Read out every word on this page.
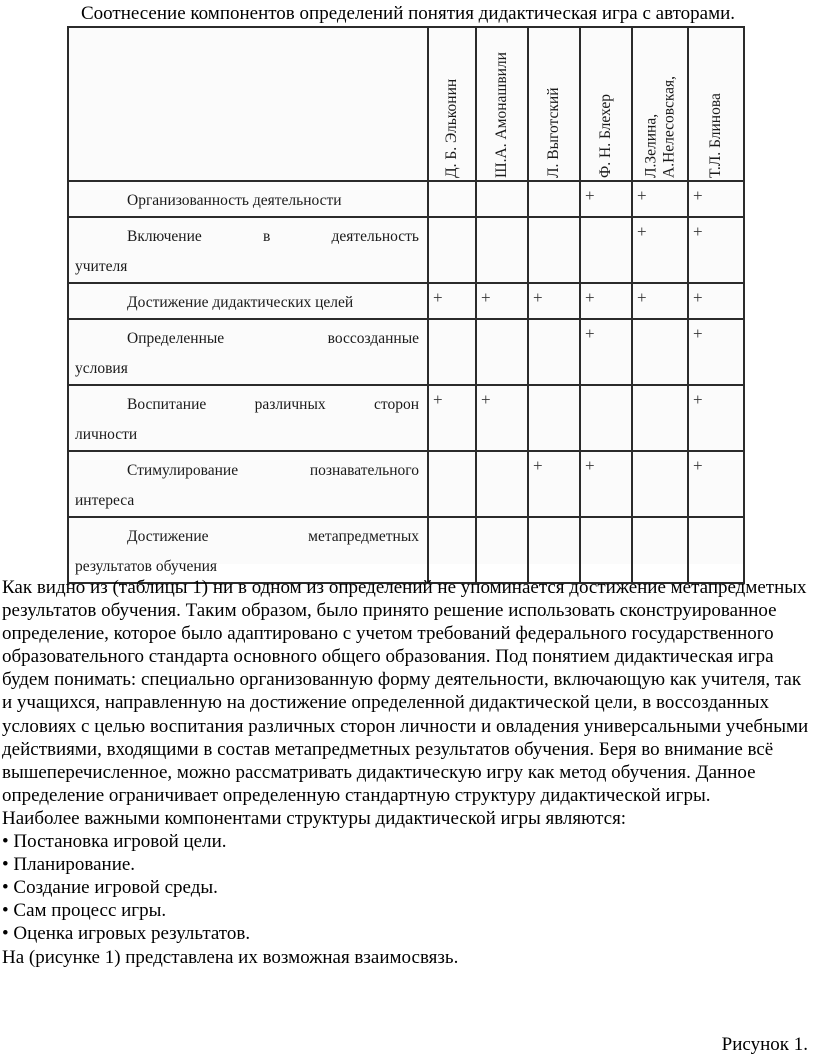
Соотнесение компонентов определений понятия дидактическая игра с авторами.

	Д. Б. Эльконин	Ш.А. Амонашвили	Л. Выготский	Ф. Н. Блехер	Л.Зелина, А.Нелесовская,	Т.Л. Блинова

Организованность деятельности				+	+	+

Включение в деятельность
учителя					+	+

Достижение дидактических целей	+	+	+	+	+	+

Определенные воссозданные
условия				+		+

Воспитание различных сторон
личности	+	+				+

Стимулирование познавательного
интереса			+	+		+

Достижение метапредметных
результатов обучения						

Как видно из (таблицы 1) ни в одном из определений не упоминается достижение метапредметных результатов обучения. Таким образом, было принято решение использовать сконструированное определение, которое было адаптировано с учетом требований федерального государственного образовательного стандарта основного общего образования. Под понятием дидактическая игра будем понимать: специально организованную форму деятельности, включающую как учителя, так и учащихся, направленную на достижение определенной дидактической цели, в воссозданных условиях с целью воспитания различных сторон личности и овладения универсальными учебными действиями, входящими в состав метапредметных результатов обучения. Беря во внимание всё вышеперечисленное, можно рассматривать дидактическую игру как метод обучения. Данное определение ограничивает определенную стандартную структуру дидактической игры.

Наиболее важными компонентами структуры дидактической игры являются:

• Постановка игровой цели.

• Планирование.

• Создание игровой среды.

• Сам процесс игры.

• Оценка игровых результатов.

На (рисунке 1) представлена их возможная взаимосвязь.

Рисунок 1.
